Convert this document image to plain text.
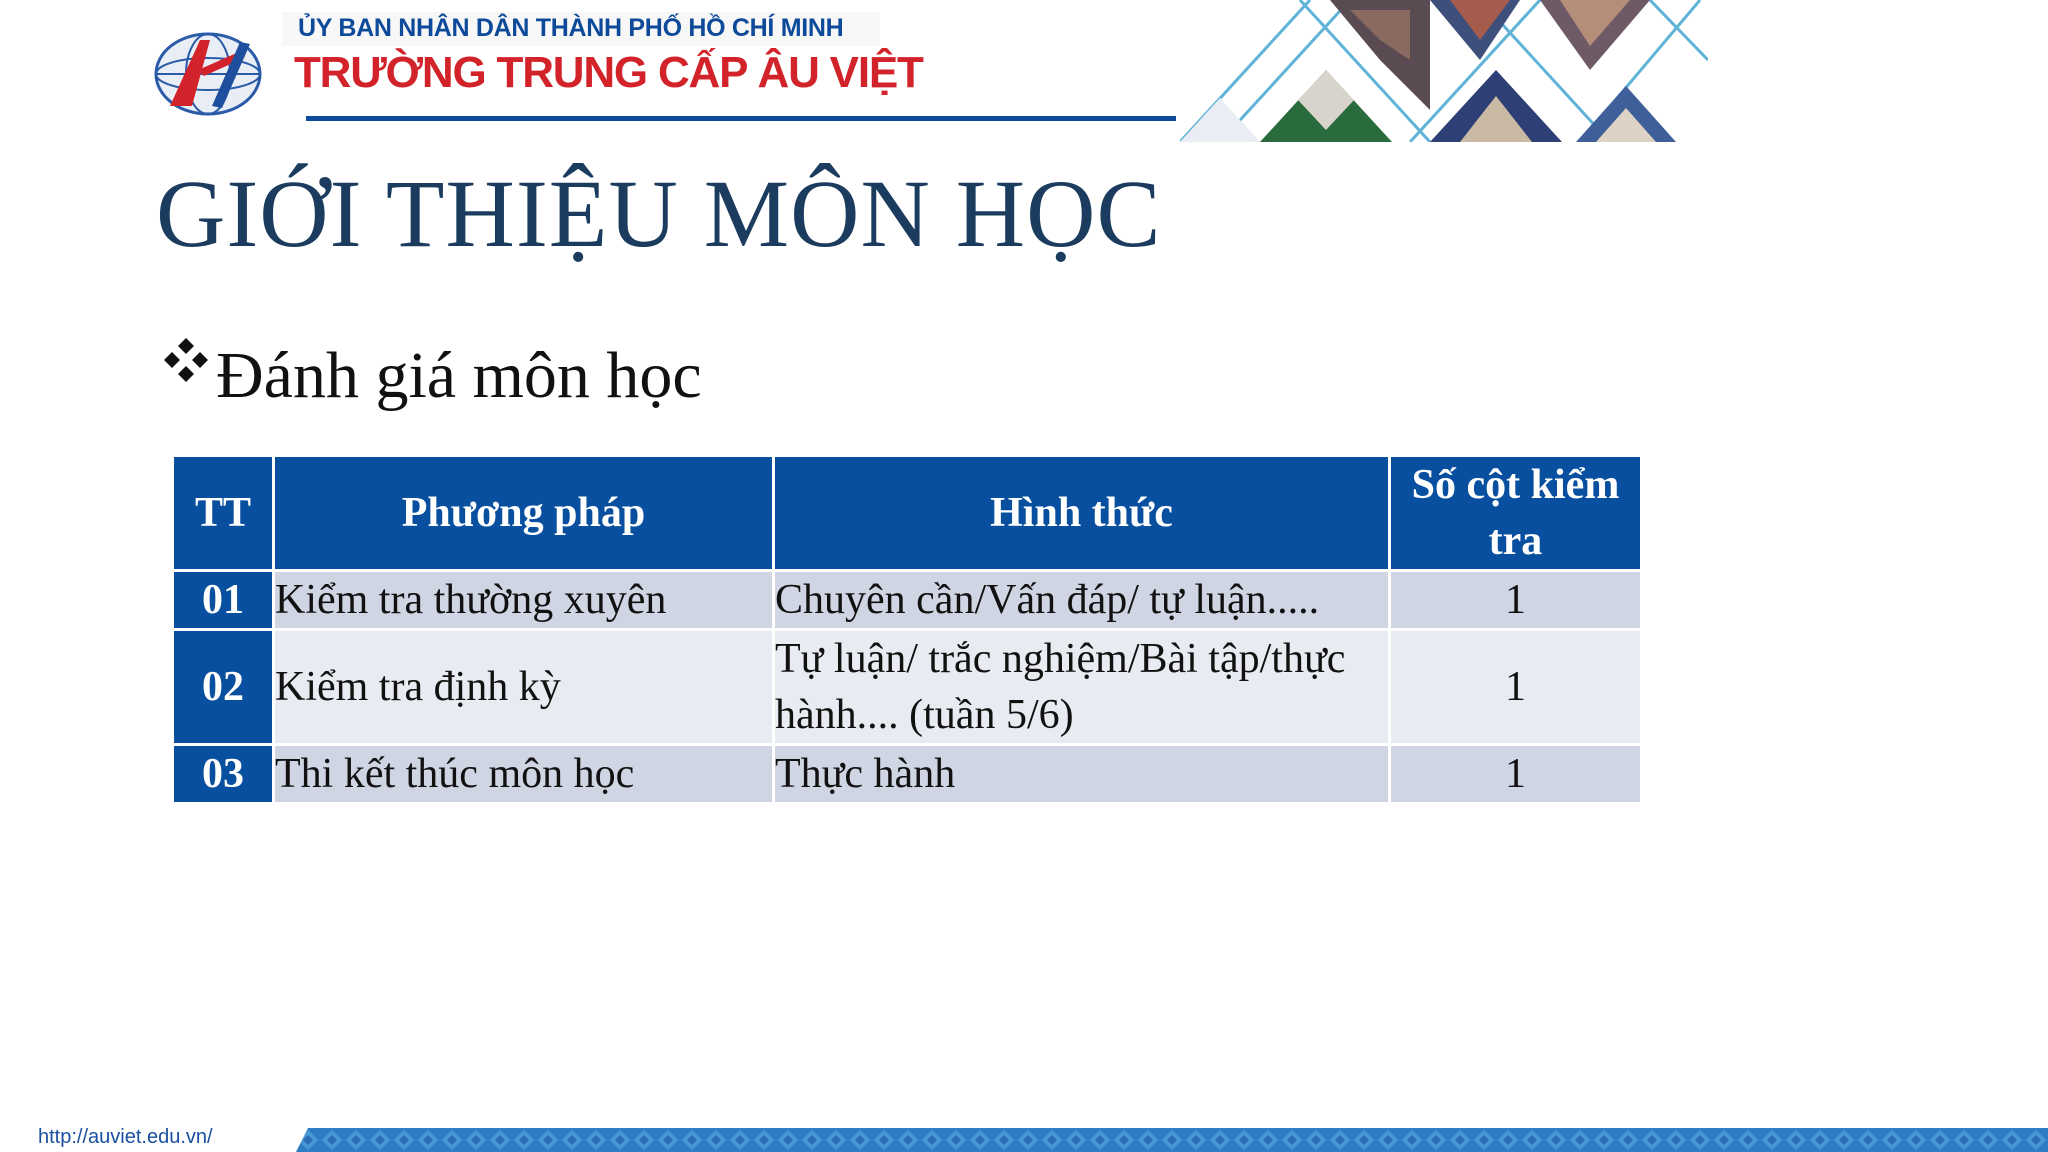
ỦY BAN NHÂN DÂN THÀNH PHỐ HỒ CHÍ MINH
TRƯỜNG TRUNG CẤP ÂU VIỆT
GIỚI THIỆU MÔN HỌC
Đánh giá môn học
TT	Phương pháp	Hình thức	Số cột kiểm tra
01	Kiểm tra thường xuyên	Chuyên cần/Vấn đáp/ tự luận.....	1
02	Kiểm tra định kỳ	Tự luận/ trắc nghiệm/Bài tập/thực hành.... (tuần 5/6)	1
03	Thi kết thúc môn học	Thực hành	1
http://auviet.edu.vn/
